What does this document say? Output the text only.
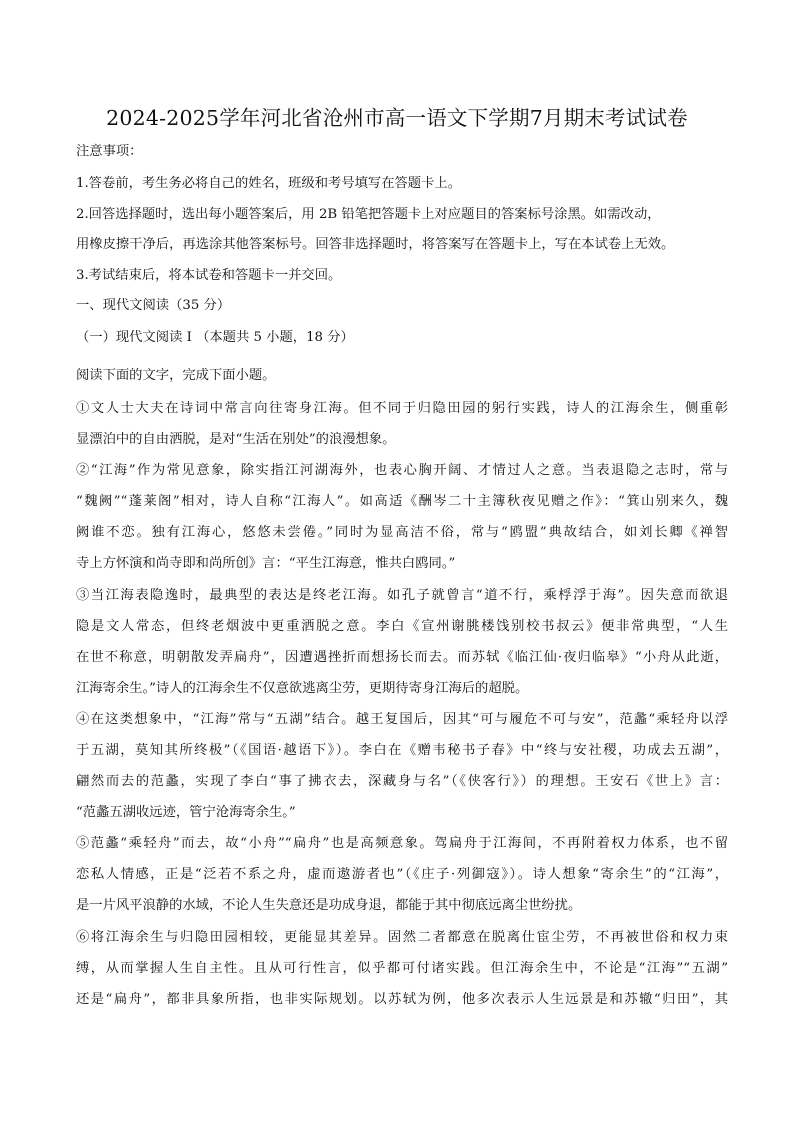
2024-2025学年河北省沧州市高一语文下学期7月期末考试试卷
注意事项：
1.答卷前，考生务必将自己的姓名，班级和考号填写在答题卡上。
2.回答选择题时，选出每小题答案后，用 2B 铅笔把答题卡上对应题目的答案标号涂黑。如需改动，
用橡皮擦干净后，再选涂其他答案标号。回答非选择题时，将答案写在答题卡上，写在本试卷上无效。
3.考试结束后，将本试卷和答题卡一并交回。
一、现代文阅读（35 分）
（一）现代文阅读 I （本题共 5 小题，18 分）
阅读下面的文字，完成下面小题。
①文人士大夫在诗词中常言向往寄身江海。但不同于归隐田园的躬行实践，诗人的江海余生，侧重彰
显漂泊中的自由洒脱，是对“生活在别处”的浪漫想象。
②“江海”作为常见意象，除实指江河湖海外，也表心胸开阔、才情过人之意。当表退隐之志时，常与
“魏阙”“蓬莱阁”相对，诗人自称“江海人”。如高适《酬岑二十主簿秋夜见赠之作》：“箕山别来久，魏
阙谁不恋。独有江海心，悠悠未尝倦。”同时为显高洁不俗，常与“鸥盟”典故结合，如刘长卿《禅智
寺上方怀演和尚寺即和尚所创》言：“平生江海意，惟共白鸥同。”
③当江海表隐逸时，最典型的表达是终老江海。如孔子就曾言“道不行，乘桴浮于海”。因失意而欲退
隐是文人常态，但终老烟波中更重洒脱之意。李白《宣州谢朓楼饯别校书叔云》便非常典型，“人生
在世不称意，明朝散发弄扁舟”，因遭遇挫折而想扬长而去。而苏轼《临江仙·夜归临皋》“小舟从此逝，
江海寄余生。”诗人的江海余生不仅意欲逃离尘劳，更期待寄身江海后的超脱。
④在这类想象中，“江海”常与“五湖”结合。越王复国后，因其“可与履危不可与安”，范蠡“乘轻舟以浮
于五湖，莫知其所终极”（《国语·越语下》）。李白在《赠韦秘书子春》中“终与安社稷，功成去五湖”，
翩然而去的范蠡，实现了李白“事了拂衣去，深藏身与名”（《侠客行》）的理想。王安石《世上》言：
“范蠡五湖收远迹，管宁沧海寄余生。”
⑤范蠡“乘轻舟”而去，故“小舟”“扁舟”也是高频意象。驾扁舟于江海间，不再附着权力体系，也不留
恋私人情感，正是“泛若不系之舟，虚而遨游者也”（《庄子·列御寇》）。诗人想象“寄余生”的“江海”，
是一片风平浪静的水域，不论人生失意还是功成身退，都能于其中彻底远离尘世纷扰。
⑥将江海余生与归隐田园相较，更能显其差异。固然二者都意在脱离仕宦尘劳，不再被世俗和权力束
缚，从而掌握人生自主性。且从可行性言，似乎都可付诸实践。但江海余生中，不论是“江海”“五湖”
还是“扁舟”，都非具象所指，也非实际规划。以苏轼为例，他多次表示人生远景是和苏辙“归田”，其
